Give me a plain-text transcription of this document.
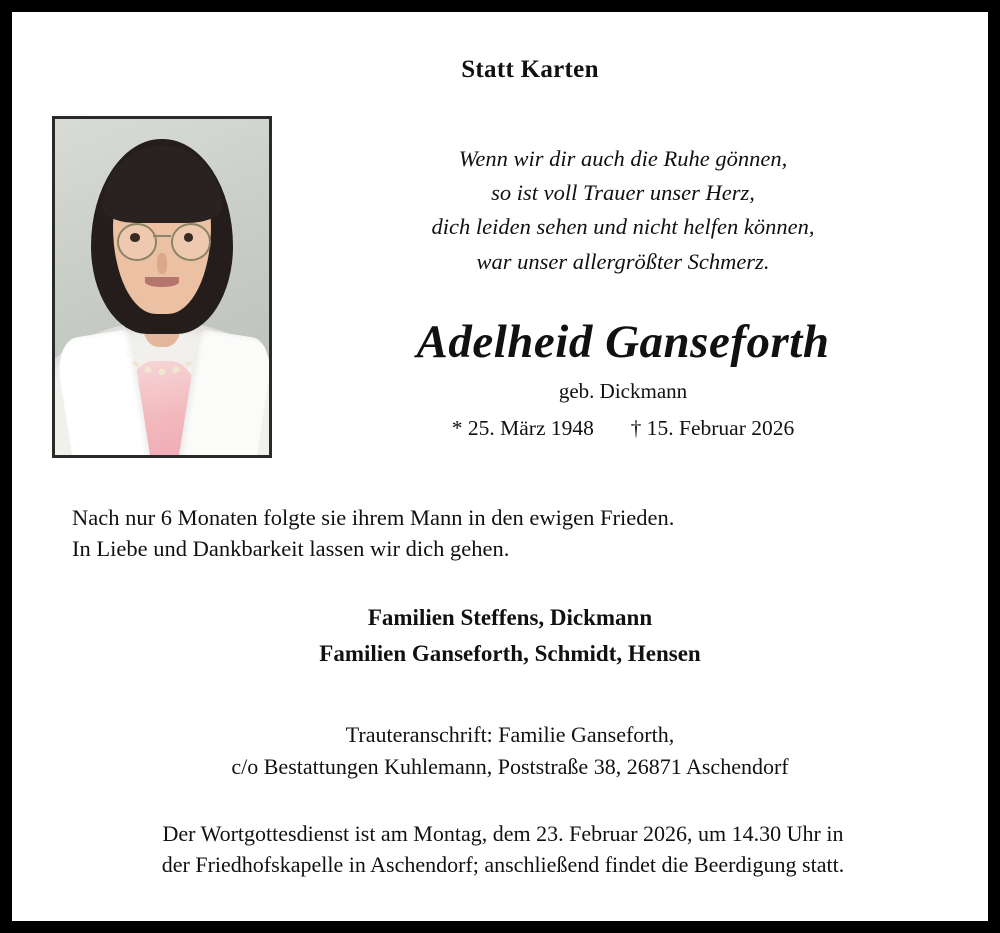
Statt Karten
Wenn wir dir auch die Ruhe gönnen,
so ist voll Trauer unser Herz,
dich leiden sehen und nicht helfen können,
war unser allergrößter Schmerz.
Adelheid Ganseforth
geb. Dickmann
* 25. März 1948 † 15. Februar 2026
Nach nur 6 Monaten folgte sie ihrem Mann in den ewigen Frieden.
In Liebe und Dankbarkeit lassen wir dich gehen.
Familien Steffens, Dickmann
Familien Ganseforth, Schmidt, Hensen
Trauteranschrift: Familie Ganseforth,
c/o Bestattungen Kuhlemann, Poststraße 38, 26871 Aschendorf
Der Wortgottesdienst ist am Montag, dem 23. Februar 2026, um 14.30 Uhr in
der Friedhofskapelle in Aschendorf; anschließend findet die Beerdigung statt.
